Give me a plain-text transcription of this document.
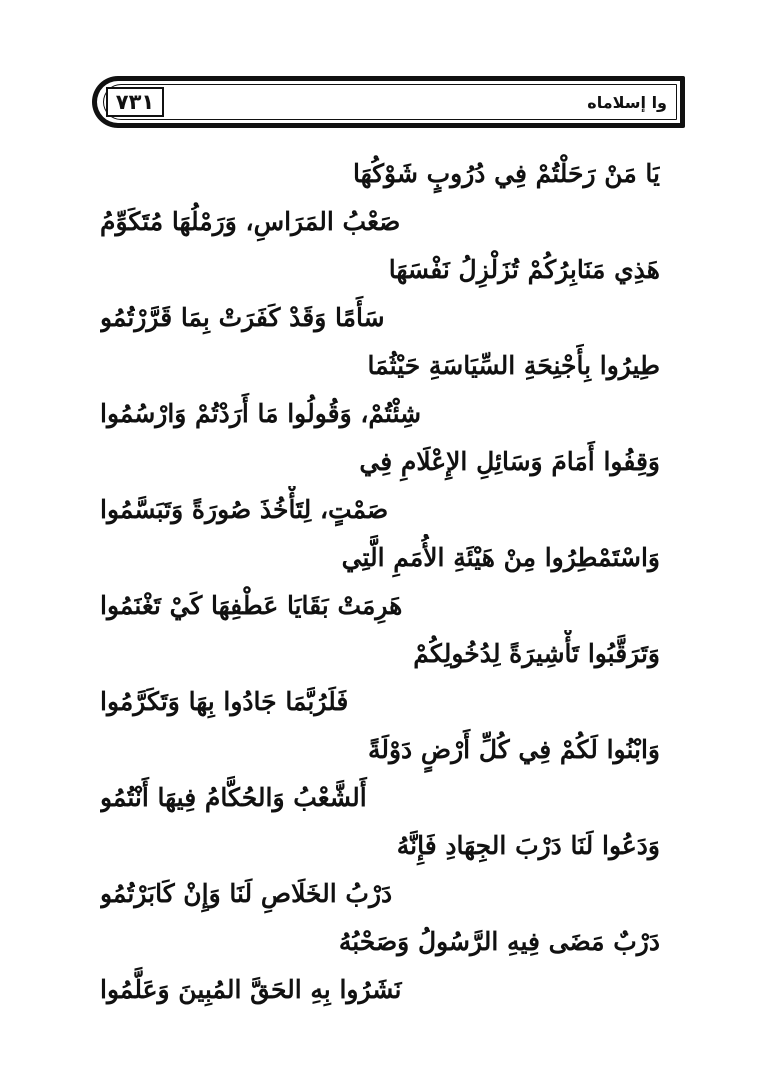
٧٣١	وا إسلاماه
يَا مَنْ رَحَلْتُمْ فِي دُرُوبٍ شَوْكُهَا
صَعْبُ المَرَاسِ، وَرَمْلُهَا مُتَكَوِّمُ
هَذِي مَنَابِرُكُمْ تُزَلْزِلُ نَفْسَهَا
سَأَمًا وَقَدْ كَفَرَتْ بِمَا قَرَّرْتُمُو
طِيرُوا بِأَجْنِحَةِ السِّيَاسَةِ حَيْثُمَا
شِئْتُمْ، وَقُولُوا مَا أَرَدْتُمْ وَارْسُمُوا
وَقِفُوا أَمَامَ وَسَائِلِ الإِعْلَامِ فِي
صَمْتٍ، لِتَأْخُذَ صُورَةً وَتَبَسَّمُوا
وَاسْتَمْطِرُوا مِنْ هَيْئَةِ الأُمَمِ الَّتِي
هَرِمَتْ بَقَايَا عَطْفِهَا كَيْ تَغْنَمُوا
وَتَرَقَّبُوا تَأْشِيرَةً لِدُخُولِكُمْ
فَلَرُبَّمَا جَادُوا بِهَا وَتَكَرَّمُوا
وَابْنُوا لَكُمْ فِي كُلِّ أَرْضٍ دَوْلَةً
أَلشَّعْبُ وَالحُكَّامُ فِيهَا أَنْتُمُو
وَدَعُوا لَنَا دَرْبَ الجِهَادِ فَإِنَّهُ
دَرْبُ الخَلَاصِ لَنَا وَإِنْ كَابَرْتُمُو
دَرْبٌ مَضَى فِيهِ الرَّسُولُ وَصَحْبُهُ
نَشَرُوا بِهِ الحَقَّ المُبِينَ وَعَلَّمُوا
